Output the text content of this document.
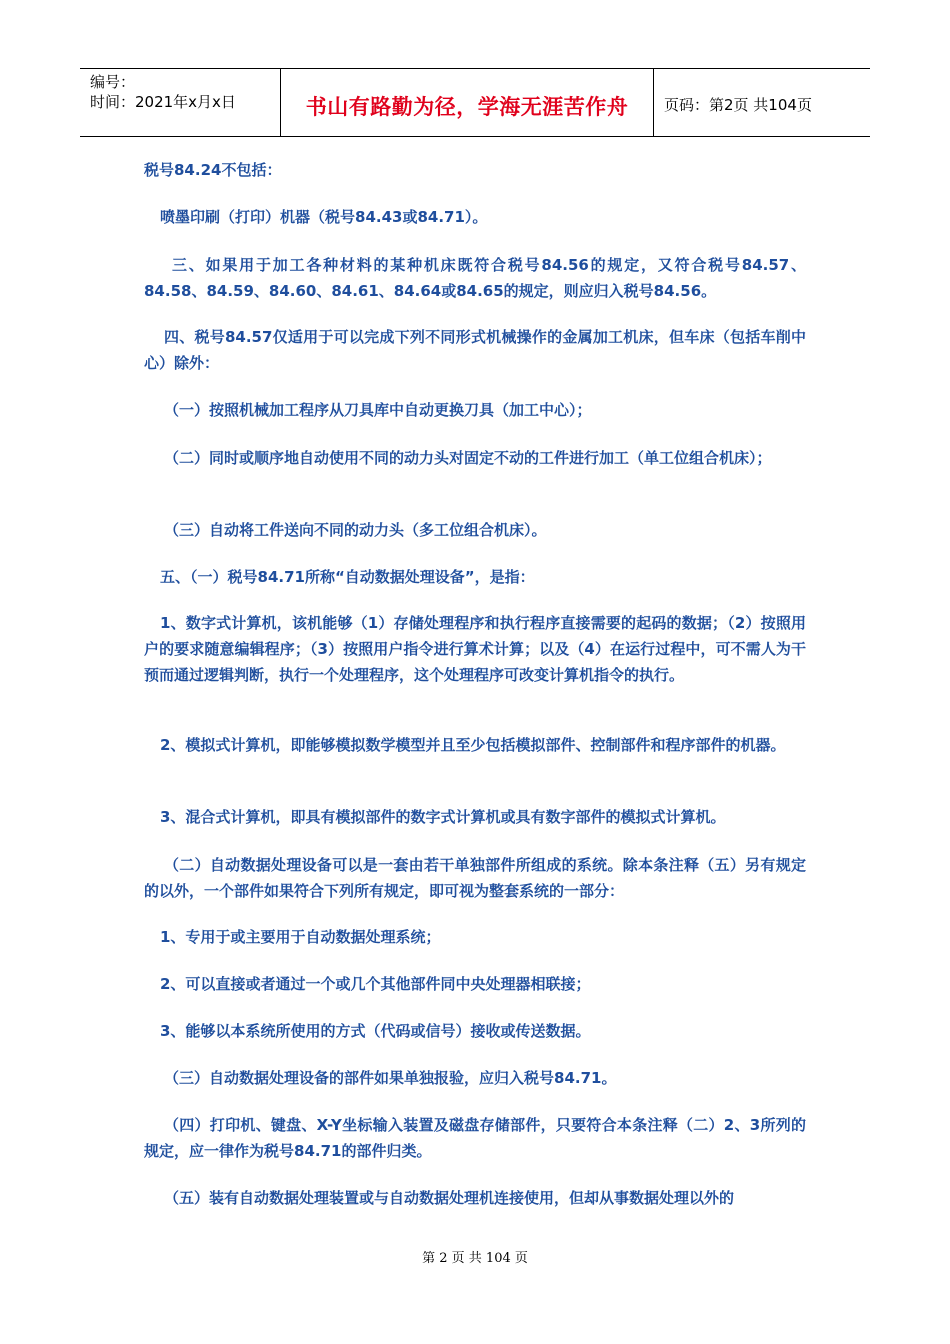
编号：
时间：2021年x月x日	书山有路勤为径，学海无涯苦作舟	页码：第2页 共104页
税号84.24不包括：
喷墨印刷（打印）机器（税号84.43或84.71）。
三、如果用于加工各种材料的某种机床既符合税号84.56的规定，又符合税号84.57、84.58、84.59、84.60、84.61、84.64或84.65的规定，则应归入税号84.56。
四、税号84.57仅适用于可以完成下列不同形式机械操作的金属加工机床，但车床（包括车削中心）除外：
（一）按照机械加工程序从刀具库中自动更换刀具（加工中心）；
（二）同时或顺序地自动使用不同的动力头对固定不动的工件进行加工（单工位组合机床）；
（三）自动将工件送向不同的动力头（多工位组合机床）。
五、（一）税号84.71所称“自动数据处理设备”，是指：
1、数字式计算机，该机能够（1）存储处理程序和执行程序直接需要的起码的数据；（2）按照用户的要求随意编辑程序；（3）按照用户指令进行算术计算；以及（4）在运行过程中，可不需人为干预而通过逻辑判断，执行一个处理程序，这个处理程序可改变计算机指令的执行。
2、模拟式计算机，即能够模拟数学模型并且至少包括模拟部件、控制部件和程序部件的机器。
3、混合式计算机，即具有模拟部件的数字式计算机或具有数字部件的模拟式计算机。
（二）自动数据处理设备可以是一套由若干单独部件所组成的系统。除本条注释（五）另有规定的以外，一个部件如果符合下列所有规定，即可视为整套系统的一部分：
1、专用于或主要用于自动数据处理系统；
2、可以直接或者通过一个或几个其他部件同中央处理器相联接；
3、能够以本系统所使用的方式（代码或信号）接收或传送数据。
（三）自动数据处理设备的部件如果单独报验，应归入税号84.71。
（四）打印机、键盘、X-Y坐标输入装置及磁盘存储部件，只要符合本条注释（二）2、3所列的规定，应一律作为税号84.71的部件归类。
（五）装有自动数据处理装置或与自动数据处理机连接使用，但却从事数据处理以外的
第 2 页 共 104 页
